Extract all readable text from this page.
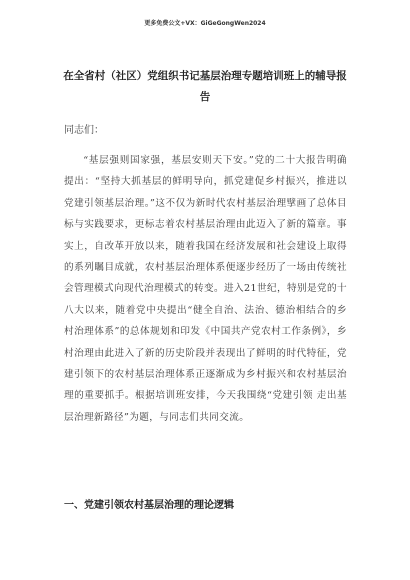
更多免费公文+VX：GiGeGongWen2024
在全省村（社区）党组织书记基层治理专题培训班上的辅导报告
同志们：

“基层强则国家强，基层安则天下安。”党的二十大报告明确提出：“坚持大抓基层的鲜明导向，抓党建促乡村振兴，推进以党建引领基层治理。”这不仅为新时代农村基层治理擘画了总体目标与实践要求，更标志着农村基层治理由此迈入了新的篇章。事实上，自改革开放以来，随着我国在经济发展和社会建设上取得的系列瞩目成就，农村基层治理体系便逐步经历了一场由传统社会管理模式向现代治理模式的转变。进入21世纪，特别是党的十八大以来，随着党中央提出“健全自治、法治、德治相结合的乡村治理体系”的总体规划和印发《中国共产党农村工作条例》，乡村治理由此进入了新的历史阶段并表现出了鲜明的时代特征，党建引领下的农村基层治理体系正逐渐成为乡村振兴和农村基层治理的重要抓手。根据培训班安排，今天我围绕“党建引领 走出基层治理新路径”为题，与同志们共同交流。

一、党建引领农村基层治理的理论逻辑
